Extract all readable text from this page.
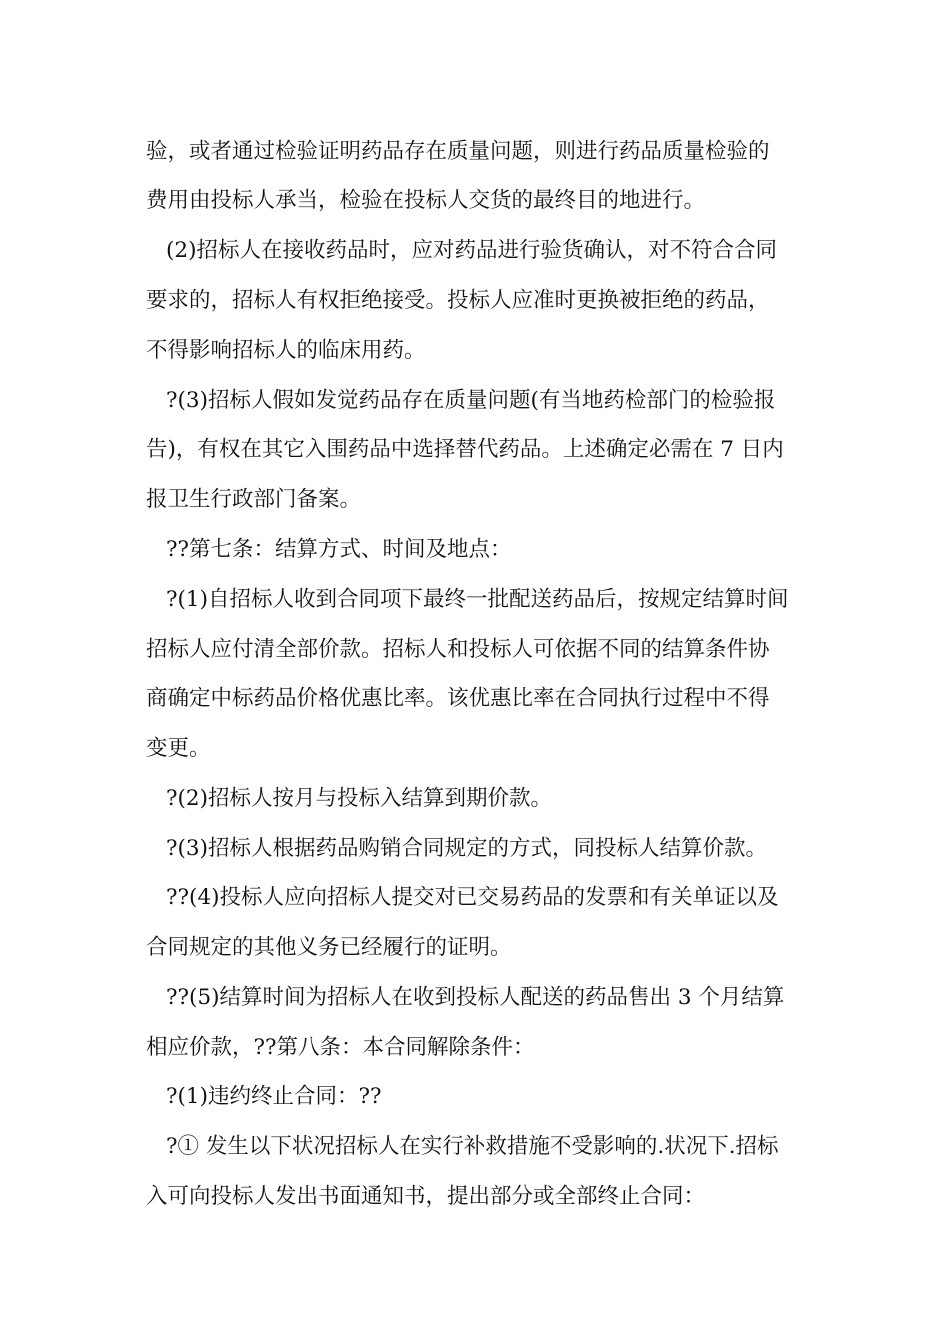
验，或者通过检验证明药品存在质量问题，则进行药品质量检验的
费用由投标人承当，检验在投标人交货的最终目的地进行。
(2)招标人在接收药品时，应对药品进行验货确认，对不符合合同
要求的，招标人有权拒绝接受。投标人应准时更换被拒绝的药品，
不得影响招标人的临床用药。
?(3)招标人假如发觉药品存在质量问题(有当地药检部门的检验报
告)，有权在其它入围药品中选择替代药品。上述确定必需在 7 日内
报卫生行政部门备案。
??第七条：结算方式、时间及地点：
?(1)自招标人收到合同项下最终一批配送药品后，按规定结算时间
招标人应付清全部价款。招标人和投标人可依据不同的结算条件协
商确定中标药品价格优惠比率。该优惠比率在合同执行过程中不得
变更。
?(2)招标人按月与投标入结算到期价款。
?(3)招标人根据药品购销合同规定的方式，同投标人结算价款。
??(4)投标人应向招标人提交对已交易药品的发票和有关单证以及
合同规定的其他义务已经履行的证明。
??(5)结算时间为招标人在收到投标人配送的药品售出 3 个月结算
相应价款，??第八条：本合同解除条件：
?(1)违约终止合同：??
?① 发生以下状况招标人在实行补救措施不受影响的.状况下.招标
入可向投标人发出书面通知书，提出部分或全部终止合同：
